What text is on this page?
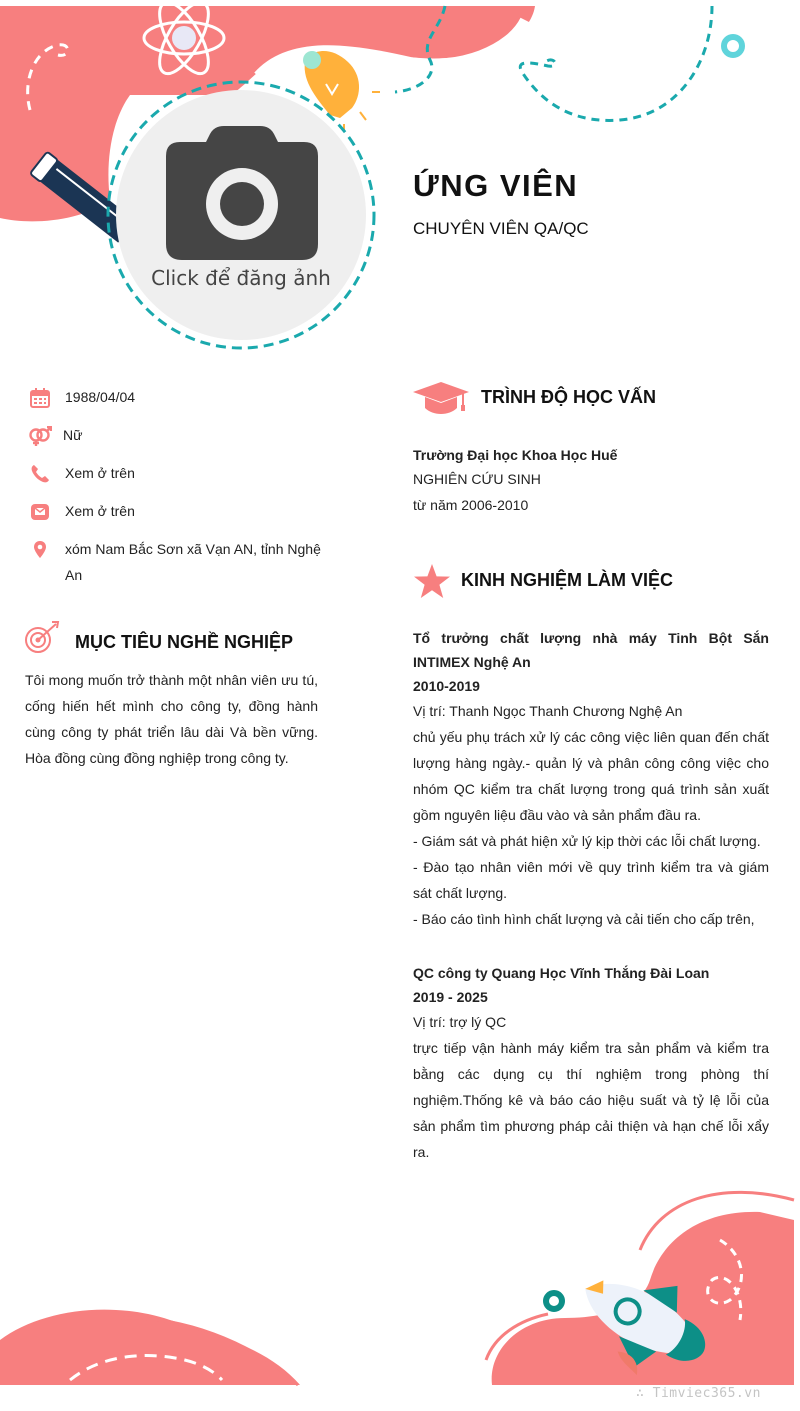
Click để đăng ảnh
ỨNG VIÊN
CHUYÊN VIÊN QA/QC
1988/04/04
Nữ
Xem ở trên
Xem ở trên
xóm Nam Bắc Sơn xã Vạn AN, tỉnh Nghệ An
MỤC TIÊU NGHỀ NGHIỆP
Tôi mong muốn trở thành một nhân viên ưu tú, cống hiến hết mình cho công ty, đồng hành cùng công ty phát triển lâu dài Và bền vững. Hòa đồng cùng đồng nghiệp trong công ty.
TRÌNH ĐỘ HỌC VẤN
Trường Đại học Khoa Học Huế
NGHIÊN CỨU SINH
từ năm 2006-2010
KINH NGHIỆM LÀM VIỆC
Tổ trưởng chất lượng nhà máy Tinh Bột Sắn INTIMEX Nghệ An
2010-2019
Vị trí: Thanh Ngọc Thanh Chương Nghệ An
chủ yếu phụ trách xử lý các công việc liên quan đến chất lượng hàng ngày.- quản lý và phân công công việc cho nhóm QC kiểm tra chất lượng trong quá trình sản xuất gồm nguyên liệu đầu vào và sản phẩm đầu ra.
- Giám sát và phát hiện xử lý kịp thời các lỗi chất lượng.
- Đào tạo nhân viên mới về quy trình kiểm tra và giám sát chất lượng.
- Báo cáo tình hình chất lượng và cải tiến cho cấp trên,
QC công ty Quang Học Vĩnh Thắng Đài Loan
2019 - 2025
Vị trí: trợ lý QC
trực tiếp vận hành máy kiểm tra sản phẩm và kiểm tra bằng các dụng cụ thí nghiệm trong phòng thí nghiệm.Thống kê và báo cáo hiệu suất và tỷ lệ lỗi của sản phẩm tìm phương pháp cải thiện và hạn chế lỗi xẩy ra.
∴ Timviec365.vn
